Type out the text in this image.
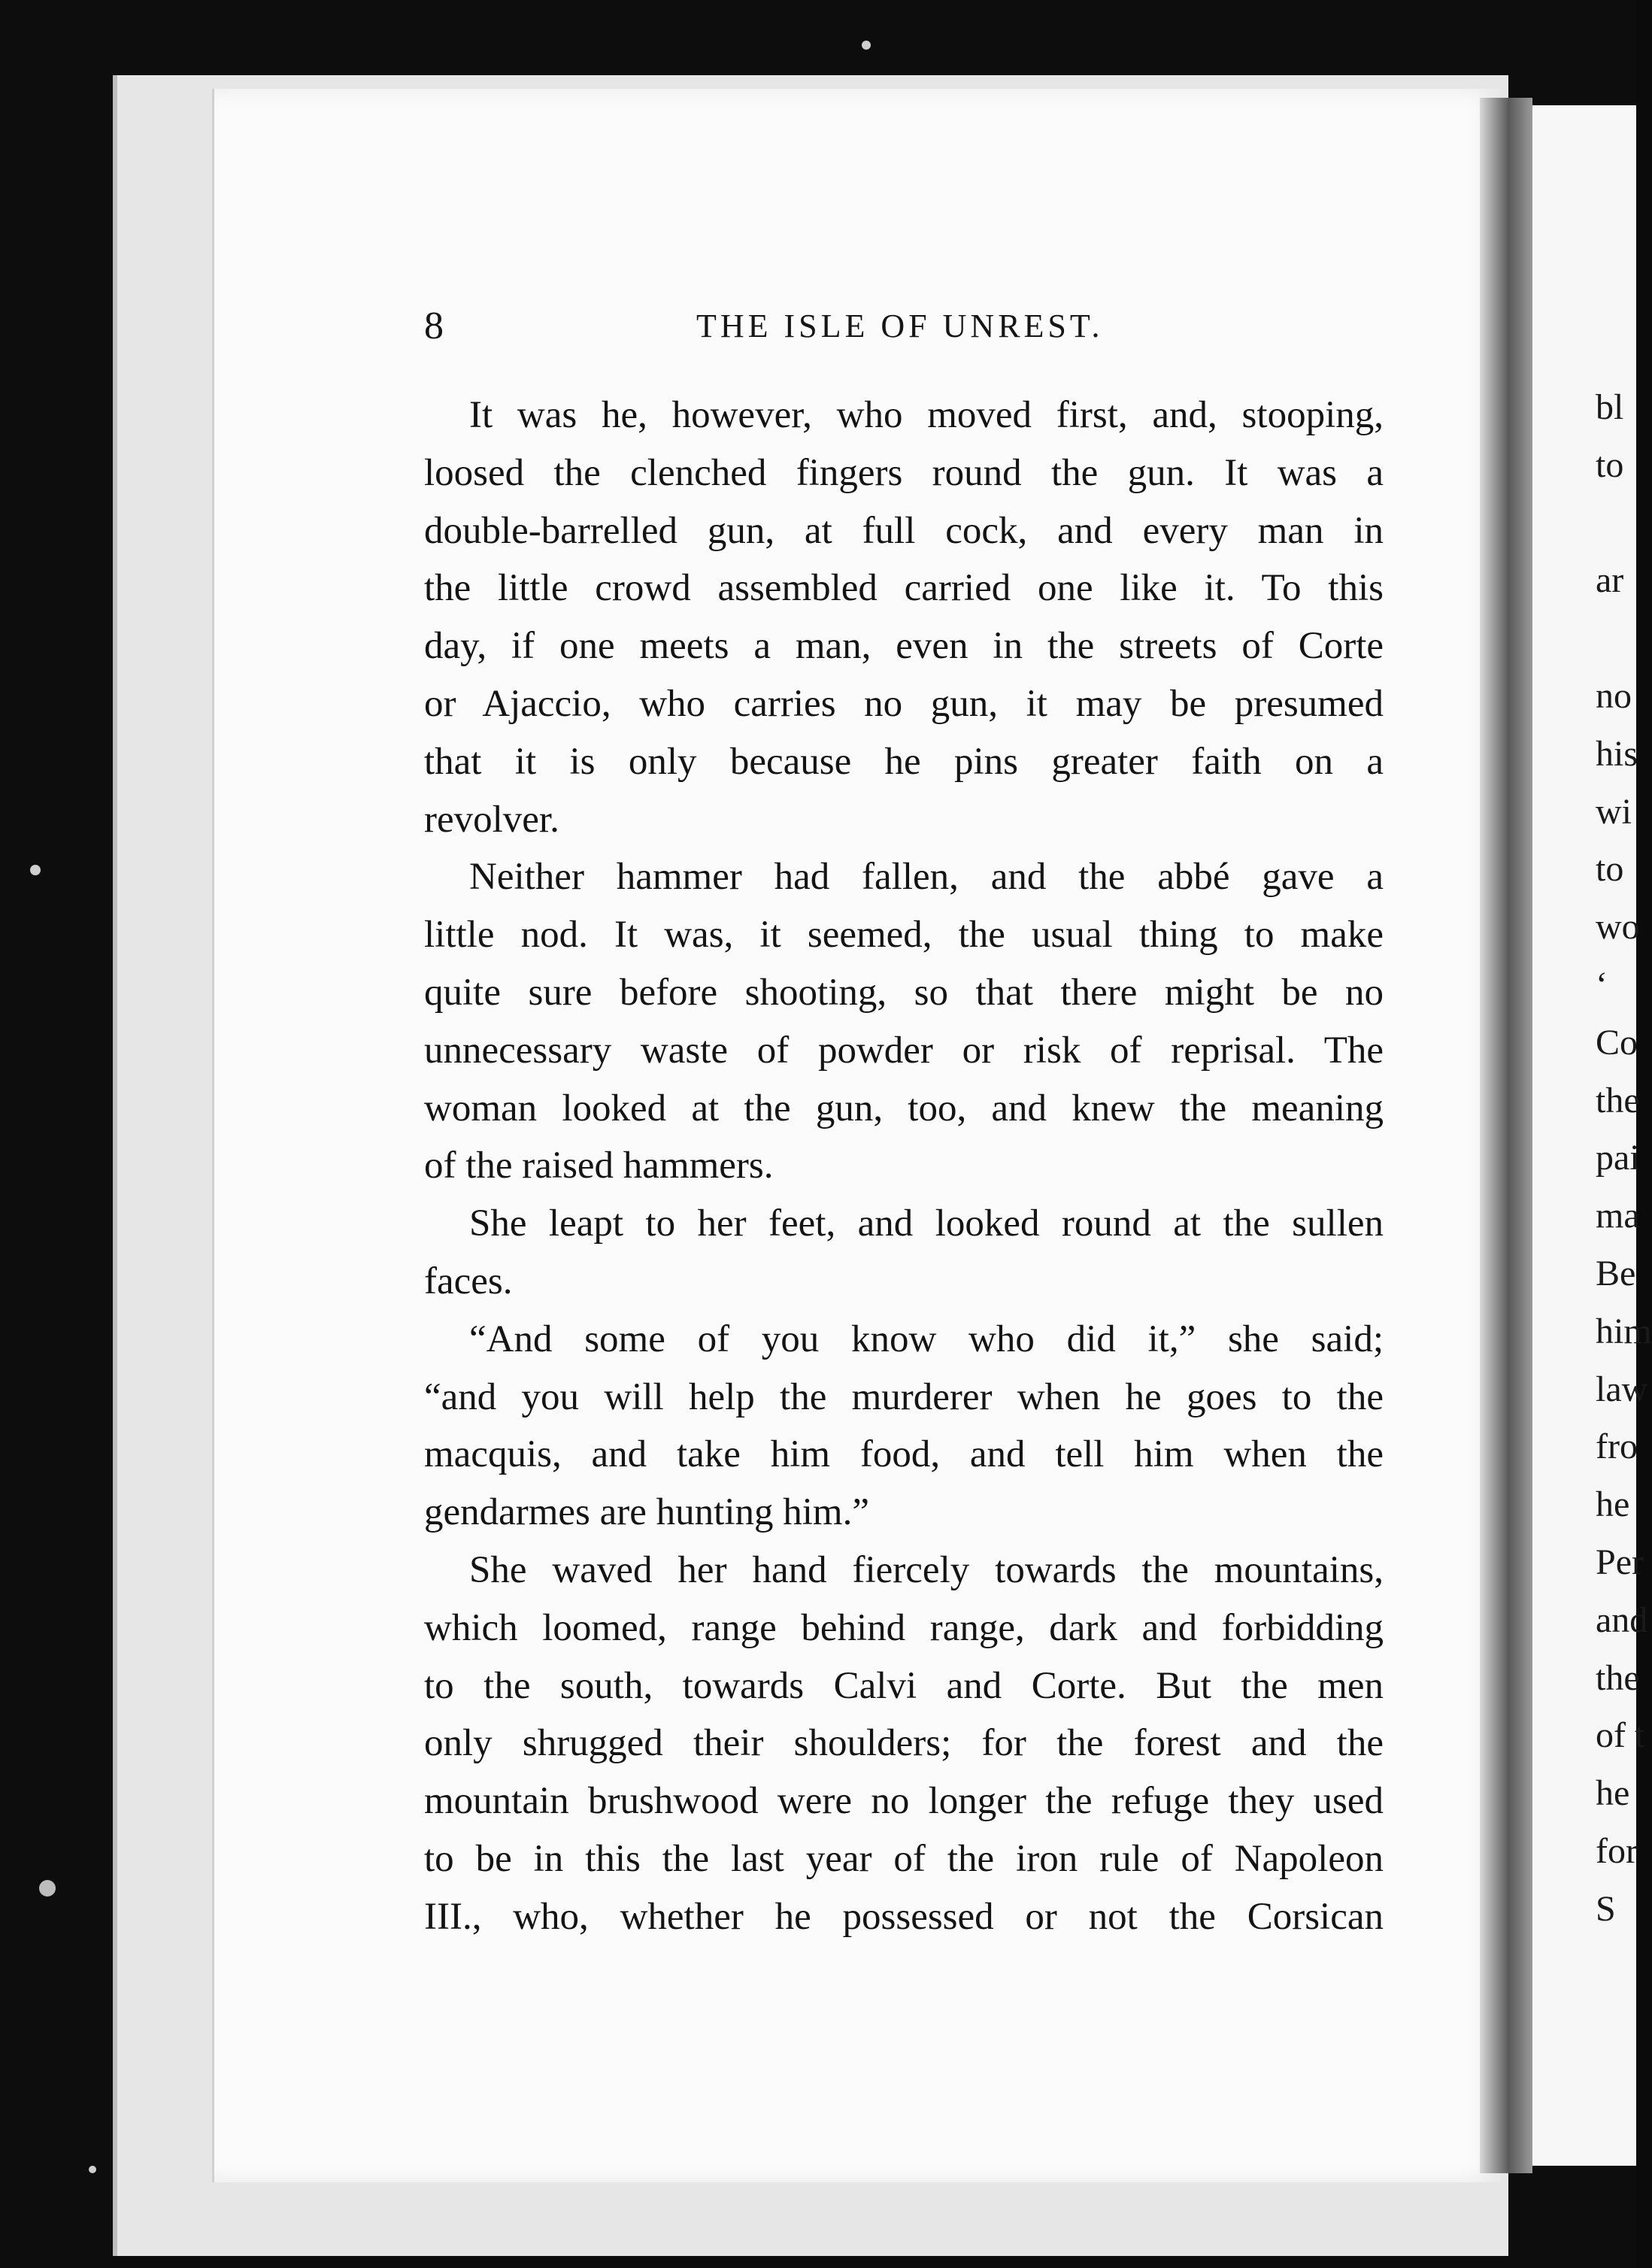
bl
to
ar
no
his
wi
to
wo
‘
Co
the
pai
ma
Be
him
law
fro
he
Per
and
the
of t
he
for
S
8	THE ISLE OF UNREST.
It was he, however, who moved first, and, stooping,
loosed the clenched fingers round the gun. It was a
double-barrelled gun, at full cock, and every man in
the little crowd assembled carried one like it. To this
day, if one meets a man, even in the streets of Corte
or Ajaccio, who carries no gun, it may be presumed
that it is only because he pins greater faith on a
revolver.
Neither hammer had fallen, and the abbé gave a
little nod. It was, it seemed, the usual thing to make
quite sure before shooting, so that there might be no
unnecessary waste of powder or risk of reprisal. The
woman looked at the gun, too, and knew the meaning
of the raised hammers.
She leapt to her feet, and looked round at the sullen
faces.
“And some of you know who did it,” she said;
“and you will help the murderer when he goes to the
macquis, and take him food, and tell him when the
gendarmes are hunting him.”
She waved her hand fiercely towards the mountains,
which loomed, range behind range, dark and forbidding
to the south, towards Calvi and Corte. But the men
only shrugged their shoulders; for the forest and the
mountain brushwood were no longer the refuge they used
to be in this the last year of the iron rule of Napoleon
III., who, whether he possessed or not the Corsican
